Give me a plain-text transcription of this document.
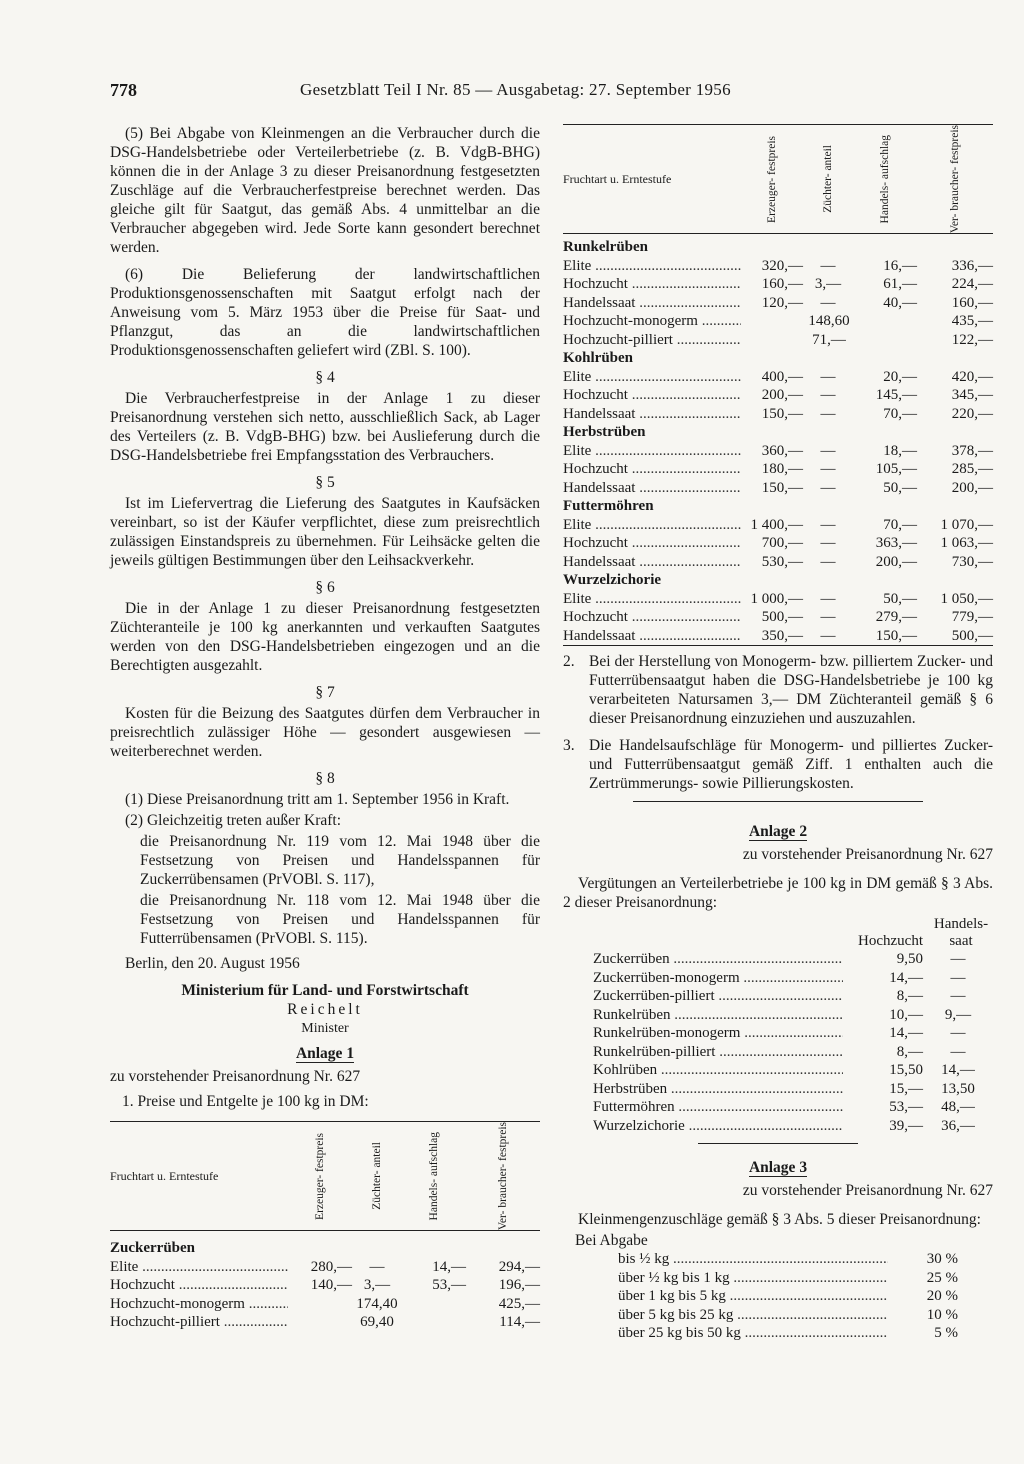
778	Gesetzblatt Teil I Nr. 85 — Ausgabetag: 27. September 1956

(5) Bei Abgabe von Kleinmengen an die Verbraucher durch die DSG-Handelsbetriebe oder Verteilerbetriebe (z. B. VdgB-BHG) können die in der Anlage 3 zu dieser Preisanordnung festgesetzten Zuschläge auf die Verbraucherfestpreise berechnet werden. Das gleiche gilt für Saatgut, das gemäß Abs. 4 unmittelbar an die Verbraucher abgegeben wird. Jede Sorte kann gesondert berechnet werden.

(6) Die Belieferung der landwirtschaftlichen Produktionsgenossenschaften mit Saatgut erfolgt nach der Anweisung vom 5. März 1953 über die Preise für Saat- und Pflanzgut, das an die landwirtschaftlichen Produktionsgenossenschaften geliefert wird (ZBl. S. 100).

§ 4

Die Verbraucherfestpreise in der Anlage 1 zu dieser Preisanordnung verstehen sich netto, ausschließlich Sack, ab Lager des Verteilers (z. B. VdgB-BHG) bzw. bei Auslieferung durch die DSG-Handelsbetriebe frei Empfangsstation des Verbrauchers.

§ 5

Ist im Liefervertrag die Lieferung des Saatgutes in Kaufsäcken vereinbart, so ist der Käufer verpflichtet, diese zum preisrechtlich zulässigen Einstandspreis zu übernehmen. Für Leihsäcke gelten die jeweils gültigen Bestimmungen über den Leihsackverkehr.

§ 6

Die in der Anlage 1 zu dieser Preisanordnung festgesetzten Züchteranteile je 100 kg anerkannten und verkauften Saatgutes werden von den DSG-Handelsbetrieben eingezogen und an die Berechtigten ausgezahlt.

§ 7

Kosten für die Beizung des Saatgutes dürfen dem Verbraucher in preisrechtlich zulässiger Höhe — gesondert ausgewiesen — weiterberechnet werden.

§ 8

(1) Diese Preisanordnung tritt am 1. September 1956 in Kraft.

(2) Gleichzeitig treten außer Kraft:

die Preisanordnung Nr. 119 vom 12. Mai 1948 über die Festsetzung von Preisen und Handelsspannen für Zuckerrübensamen (PrVOBl. S. 117),

die Preisanordnung Nr. 118 vom 12. Mai 1948 über die Festsetzung von Preisen und Handelsspannen für Futterrübensamen (PrVOBl. S. 115).

Berlin, den 20. August 1956
Ministerium für Land- und Forstwirtschaft
Reichelt
Minister
Anlage 1
zu vorstehender Preisanordnung Nr. 627
1. Preise und Entgelte je 100 kg in DM:
Fruchtart u. Erntestufe	Erzeuger- festpreis	Züchter- anteil	Handels- aufschlag	Ver- braucher- festpreis

Zuckerrüben				
Elite .....	280,—	—	14,—	294,—
Hochzucht .....	140,—	3,—	53,—	196,—
Hochzucht-monogerm .....	174,40			425,—
Hochzucht-pilliert .....	69,40			114,—
Fruchtart u. Erntestufe	Erzeuger- festpreis	Züchter- anteil	Handels- aufschlag	Ver- braucher- festpreis

Runkelrüben				
Elite .....	320,—	—	16,—	336,—
Hochzucht .....	160,—	3,—	61,—	224,—
Handelssaat .....	120,—	—	40,—	160,—
Hochzucht-monogerm .....	148,60			435,—
Hochzucht-pilliert .....	71,—			122,—
Kohlrüben				
Elite .....	400,—	—	20,—	420,—
Hochzucht .....	200,—	—	145,—	345,—
Handelssaat .....	150,—	—	70,—	220,—
Herbstrüben				
Elite .....	360,—	—	18,—	378,—
Hochzucht .....	180,—	—	105,—	285,—
Handelssaat .....	150,—	—	50,—	200,—
Futtermöhren				
Elite .....	1 400,—	—	70,—	1 070,—
Hochzucht .....	700,—	—	363,—	1 063,—
Handelssaat .....	530,—	—	200,—	730,—
Wurzelzichorie				
Elite .....	1 000,—	—	50,—	1 050,—
Hochzucht .....	500,—	—	279,—	779,—
Handelssaat .....	350,—	—	150,—	500,—
2. Bei der Herstellung von Monogerm- bzw. pilliertem Zucker- und Futterrübensaatgut haben die DSG-Handelsbetriebe je 100 kg verarbeiteten Natursamen 3,— DM Züchteranteil gemäß § 6 dieser Preisanordnung einzuziehen und auszuzahlen.
3. Die Handelsaufschläge für Monogerm- und pilliertes Zucker- und Futterrübensaatgut gemäß Ziff. 1 enthalten auch die Zertrümmerungs- sowie Pillierungskosten.
Anlage 2
zu vorstehender Preisanordnung Nr. 627

Vergütungen an Verteilerbetriebe je 100 kg in DM gemäß § 3 Abs. 2 dieser Preisanordnung:

	Hochzucht	Handels- saat
Zuckerrüben .....	9,50	—
Zuckerrüben-monogerm .....	14,—	—
Zuckerrüben-pilliert .....	8,—	—
Runkelrüben .....	10,—	9,—
Runkelrüben-monogerm .....	14,—	—
Runkelrüben-pilliert .....	8,—	—
Kohlrüben .....	15,50	14,—
Herbstrüben .....	15,—	13,50
Futtermöhren .....	53,—	48,—
Wurzelzichorie .....	39,—	36,—
Anlage 3
zu vorstehender Preisanordnung Nr. 627

Kleinmengenzuschläge gemäß § 3 Abs. 5 dieser Preisanordnung:

Bei Abgabe
bis ½ kg .....	30 %
über ½ kg bis 1 kg .....	25 %
über 1 kg bis 5 kg .....	20 %
über 5 kg bis 25 kg .....	10 %
über 25 kg bis 50 kg .....	5 %
